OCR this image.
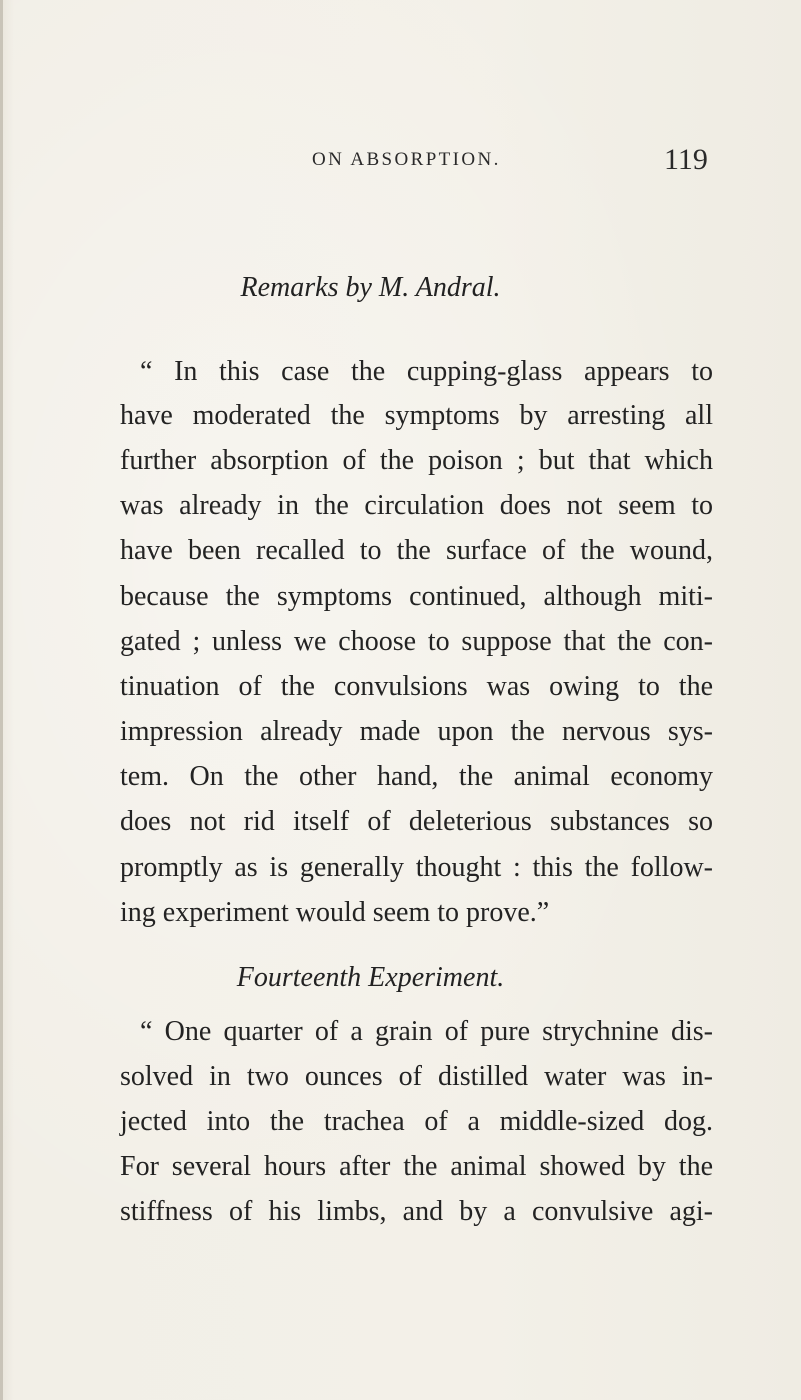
ON ABSORPTION.	119
Remarks by M. Andral.
“ In this case the cupping-glass appears to
have moderated the symptoms by arresting all
further absorption of the poison ; but that which
was already in the circulation does not seem to
have been recalled to the surface of the wound,
because the symptoms continued, although miti-
gated ; unless we choose to suppose that the con-
tinuation of the convulsions was owing to the
impression already made upon the nervous sys-
tem. On the other hand, the animal economy
does not rid itself of deleterious substances so
promptly as is generally thought : this the follow-
ing experiment would seem to prove.”
Fourteenth Experiment.
“ One quarter of a grain of pure strychnine dis-
solved in two ounces of distilled water was in-
jected into the trachea of a middle-sized dog.
For several hours after the animal showed by the
stiffness of his limbs, and by a convulsive agi-
